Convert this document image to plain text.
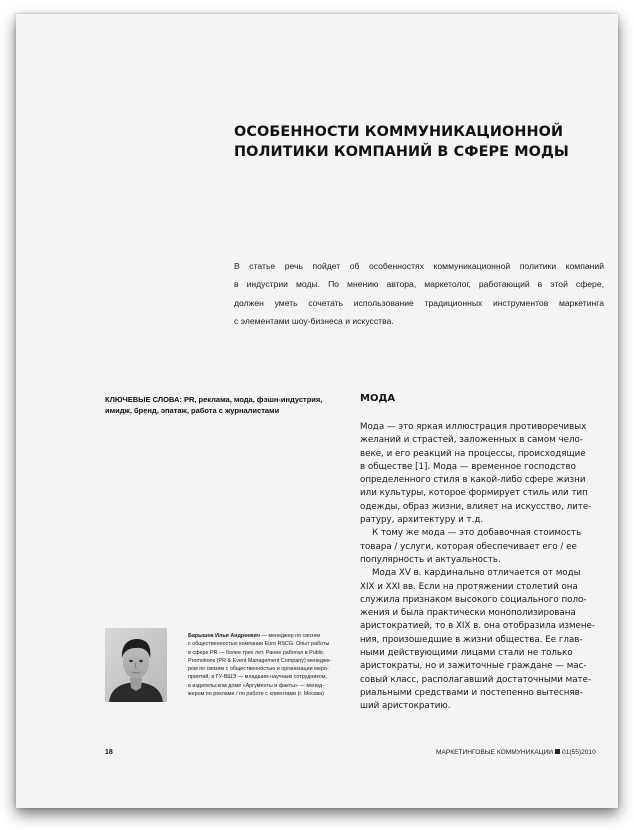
ОСОБЕННОСТИ КОММУНИКАЦИОННОЙ
ПОЛИТИКИ КОМПАНИЙ В СФЕРЕ МОДЫ
В статье речь пойдет об особенностях коммуникационной политики компаний
в индустрии моды. По мнению автора, маркетолог, работающий в этой сфере,
должен уметь сочетать использование традиционных инструментов маркетинга
с элементами шоу-бизнеса и искусства.
КЛЮЧЕВЫЕ СЛОВА: PR, реклама, мода, фэшн-индустрия,
имидж, бренд, эпатаж, работа с журналистами
МОДА
Мода — это яркая иллюстрация противоречивых
желаний и страстей, заложенных в самом чело-
веке, и его реакций на процессы, происходящие
в обществе [1]. Мода — временное господство
определенного стиля в какой-либо сфере жизни
или культуры, которое формирует стиль или тип
одежды, образ жизни, влияет на искусство, лите-
ратуру, архитектуру и т.д.
К тому же мода — это добавочная стоимость
товара / услуги, которая обеспечивает его / ее
популярность и актуальность.
Мода XV в. кардинально отличается от моды
XIX и XXI вв. Если на протяжении столетий она
служила признаком высокого социального поло-
жения и была практически монополизирована
аристократией, то в XIX в. она отобразила измене-
ния, произошедшие в жизни общества. Ее глав-
ными действующими лицами стали не только
аристократы, но и зажиточные граждане — мас-
совый класс, располагавший достаточными мате-
риальными средствами и постепенно вытесняв-
ший аристократию.
Барышев Илья Андреевич — менеджер по связям
с общественностью компании Euro RSCG. Опыт работы
в сфере PR — более трех лет. Ранее работал в Public
Promotions (PR & Event Management Company) менедже-
ром по связям с общественностью и организации меро-
приятий, в ГУ-ВШЭ — младшим научным сотрудником,
в издательском доме «Аргументы и факты» — менед-
жером по рекламе / по работе с клиентами (г. Москва)
18	МАРКЕТИНГОВЫЕ КОММУНИКАЦИИ 01(55)2010
